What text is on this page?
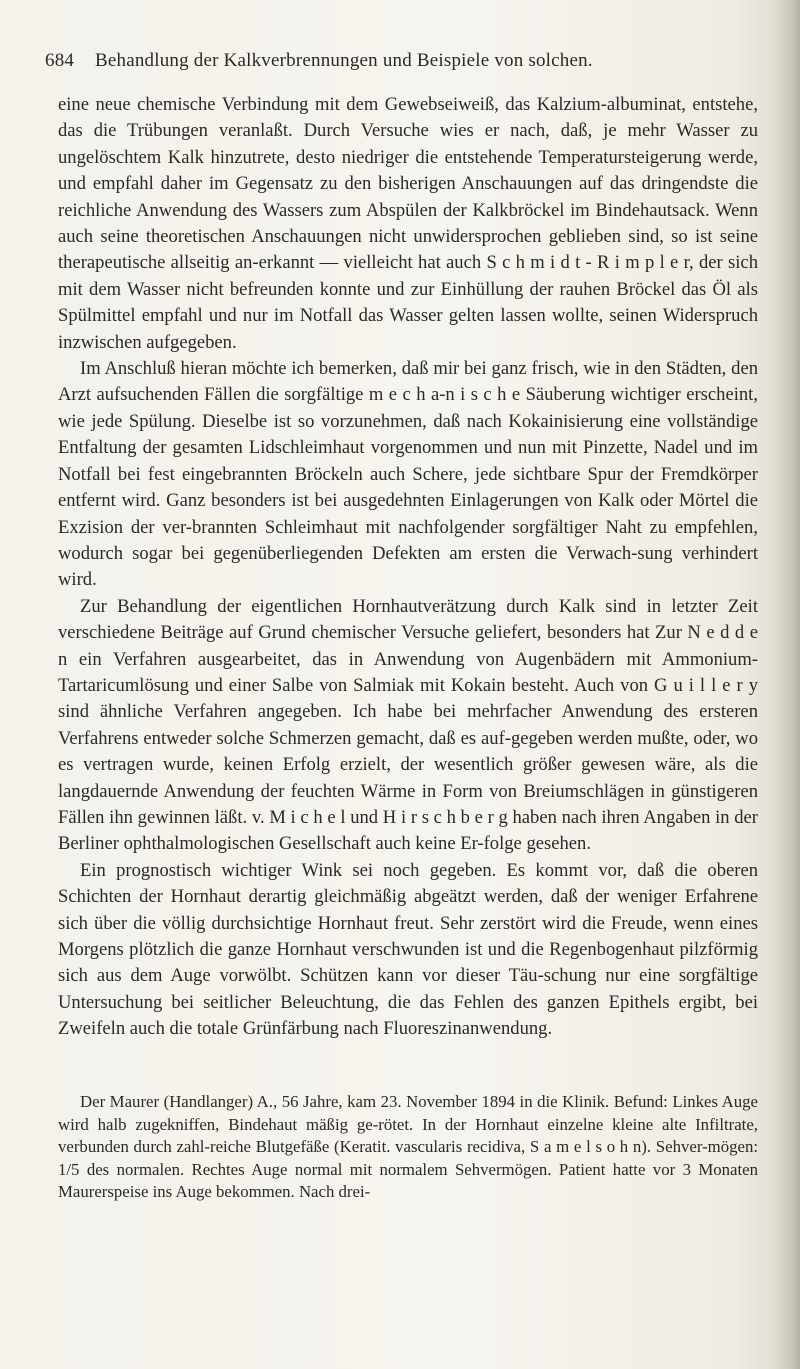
684 Behandlung der Kalkverbrennungen und Beispiele von solchen.

eine neue chemische Verbindung mit dem Gewebseiweiß, das Kalzium-albuminat, entstehe, das die Trübungen veranlaßt. Durch Versuche wies er nach, daß, je mehr Wasser zu ungelöschtem Kalk hinzutrete, desto niedriger die entstehende Temperatursteigerung werde, und empfahl daher im Gegensatz zu den bisherigen Anschauungen auf das dringendste die reichliche Anwendung des Wassers zum Abspülen der Kalkbröckel im Bindehautsack. Wenn auch seine theoretischen Anschauungen nicht unwidersprochen geblieben sind, so ist seine therapeutische allseitig an-erkannt — vielleicht hat auch S c h m i d t - R i m p l e r, der sich mit dem Wasser nicht befreunden konnte und zur Einhüllung der rauhen Bröckel das Öl als Spülmittel empfahl und nur im Notfall das Wasser gelten lassen wollte, seinen Widerspruch inzwischen aufgegeben.

Im Anschluß hieran möchte ich bemerken, daß mir bei ganz frisch, wie in den Städten, den Arzt aufsuchenden Fällen die sorgfältige m e c h a-n i s c h e Säuberung wichtiger erscheint, wie jede Spülung. Dieselbe ist so vorzunehmen, daß nach Kokainisierung eine vollständige Entfaltung der gesamten Lidschleimhaut vorgenommen und nun mit Pinzette, Nadel und im Notfall bei fest eingebrannten Bröckeln auch Schere, jede sichtbare Spur der Fremdkörper entfernt wird. Ganz besonders ist bei ausgedehnten Einlagerungen von Kalk oder Mörtel die Exzision der ver-brannten Schleimhaut mit nachfolgender sorgfältiger Naht zu empfehlen, wodurch sogar bei gegenüberliegenden Defekten am ersten die Verwach-sung verhindert wird.

Zur Behandlung der eigentlichen Hornhautverätzung durch Kalk sind in letzter Zeit verschiedene Beiträge auf Grund chemischer Versuche geliefert, besonders hat Zur N e d d e n ein Verfahren ausgearbeitet, das in Anwendung von Augenbädern mit Ammonium-Tartaricumlösung und einer Salbe von Salmiak mit Kokain besteht. Auch von G u i l l e r y sind ähnliche Verfahren angegeben. Ich habe bei mehrfacher Anwendung des ersteren Verfahrens entweder solche Schmerzen gemacht, daß es auf-gegeben werden mußte, oder, wo es vertragen wurde, keinen Erfolg erzielt, der wesentlich größer gewesen wäre, als die langdauernde Anwendung der feuchten Wärme in Form von Breiumschlägen in günstigeren Fällen ihn gewinnen läßt. v. M i c h e l und H i r s c h b e r g haben nach ihren Angaben in der Berliner ophthalmologischen Gesellschaft auch keine Er-folge gesehen.

Ein prognostisch wichtiger Wink sei noch gegeben. Es kommt vor, daß die oberen Schichten der Hornhaut derartig gleichmäßig abgeätzt werden, daß der weniger Erfahrene sich über die völlig durchsichtige Hornhaut freut. Sehr zerstört wird die Freude, wenn eines Morgens plötzlich die ganze Hornhaut verschwunden ist und die Regenbogenhaut pilzförmig sich aus dem Auge vorwölbt. Schützen kann vor dieser Täu-schung nur eine sorgfältige Untersuchung bei seitlicher Beleuchtung, die das Fehlen des ganzen Epithels ergibt, bei Zweifeln auch die totale Grünfärbung nach Fluoreszinanwendung.

Der Maurer (Handlanger) A., 56 Jahre, kam 23. November 1894 in die Klinik. Befund: Linkes Auge wird halb zugekniffen, Bindehaut mäßig ge-rötet. In der Hornhaut einzelne kleine alte Infiltrate, verbunden durch zahl-reiche Blutgefäße (Keratit. vascularis recidiva, S a m e l s o h n). Sehver-mögen: 1/5 des normalen. Rechtes Auge normal mit normalem Sehvermögen. Patient hatte vor 3 Monaten Maurerspeise ins Auge bekommen. Nach drei-
